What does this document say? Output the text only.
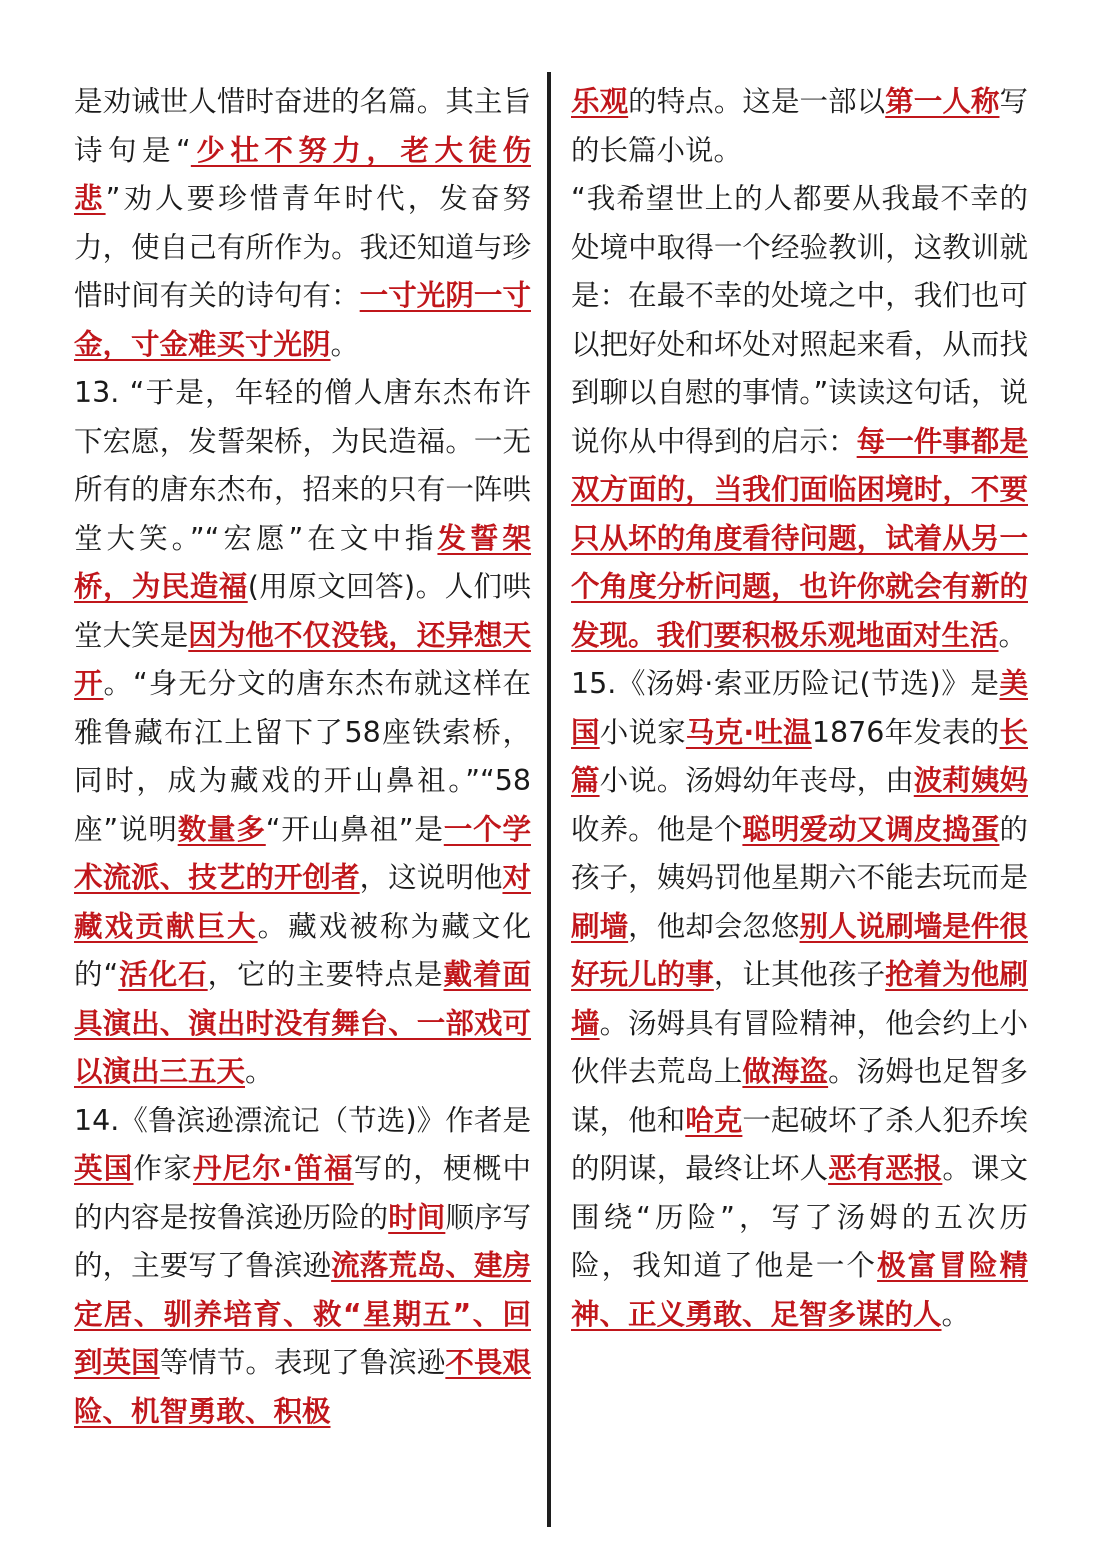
是劝诫世人惜时奋进的名篇。其主旨诗句是“少壮不努力，老大徒伤悲”劝人要珍惜青年时代，发奋努力，使自己有所作为。我还知道与珍惜时间有关的诗句有：一寸光阴一寸金，寸金难买寸光阴。

13. “于是，年轻的僧人唐东杰布许下宏愿，发誓架桥，为民造福。一无所有的唐东杰布，招来的只有一阵哄堂大笑。”“宏愿”在文中指发誓架桥，为民造福(用原文回答)。人们哄堂大笑是因为他不仅没钱，还异想天开。“身无分文的唐东杰布就这样在雅鲁藏布江上留下了58座铁索桥，同时，成为藏戏的开山鼻祖。”“58座”说明数量多“开山鼻祖”是一个学术流派、技艺的开创者，这说明他对藏戏贡献巨大。藏戏被称为藏文化的“活化石，它的主要特点是戴着面具演出、演出时没有舞台、一部戏可以演出三五天。

14.《鲁滨逊漂流记（节选)》作者是英国作家丹尼尔·笛福写的，梗概中的内容是按鲁滨逊历险的时间顺序写的，主要写了鲁滨逊流落荒岛、建房定居、驯养培育、救“星期五”、回到英国等情节。表现了鲁滨逊不畏艰险、机智勇敢、积极

乐观的特点。这是一部以第一人称写的长篇小说。

“我希望世上的人都要从我最不幸的处境中取得一个经验教训，这教训就是：在最不幸的处境之中，我们也可以把好处和坏处对照起来看，从而找到聊以自慰的事情。”读读这句话，说说你从中得到的启示：每一件事都是双方面的，当我们面临困境时，不要只从坏的角度看待问题，试着从另一个角度分析问题，也许你就会有新的发现。我们要积极乐观地面对生活。

15.《汤姆·索亚历险记(节选)》是美国小说家马克·吐温1876年发表的长篇小说。汤姆幼年丧母，由波莉姨妈收养。他是个聪明爱动又调皮捣蛋的孩子，姨妈罚他星期六不能去玩而是刷墙，他却会忽悠别人说刷墙是件很好玩儿的事，让其他孩子抢着为他刷墙。汤姆具有冒险精神，他会约上小伙伴去荒岛上做海盗。汤姆也足智多谋，他和哈克一起破坏了杀人犯乔埃的阴谋，最终让坏人恶有恶报。课文围绕“历险”，写了汤姆的五次历险，我知道了他是一个极富冒险精神、正义勇敢、足智多谋的人。
